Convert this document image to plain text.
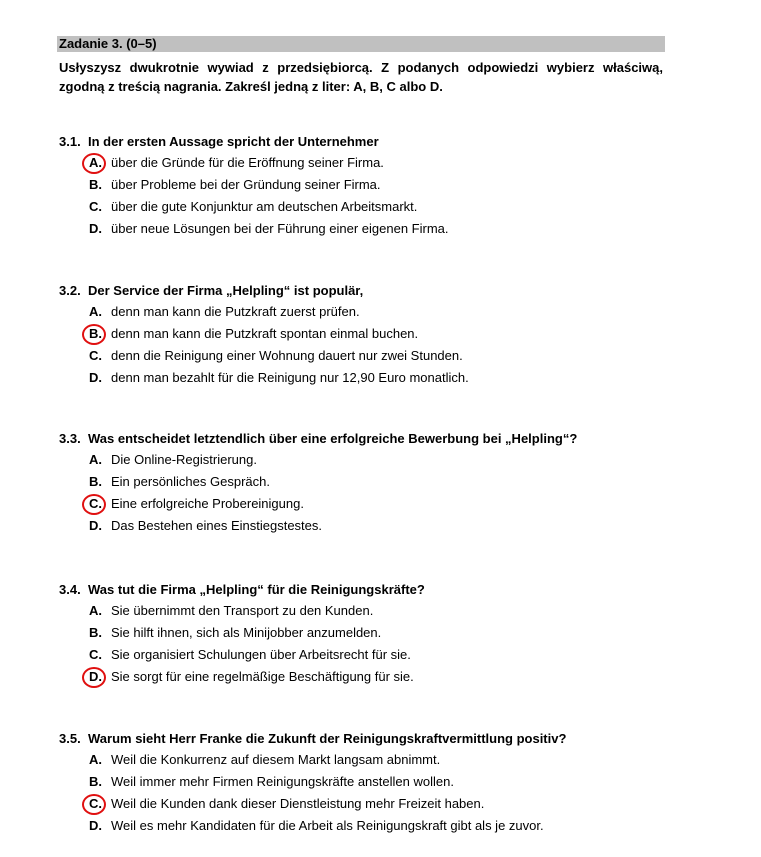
Zadanie 3. (0–5)
Usłyszysz dwukrotnie wywiad z przedsiębiorcą. Z podanych odpowiedzi wybierz właściwą, zgodną z treścią nagrania. Zakreśl jedną z liter: A, B, C albo D.
3.1. In der ersten Aussage spricht der Unternehmer
A. über die Gründe für die Eröffnung seiner Firma.
B. über Probleme bei der Gründung seiner Firma.
C. über die gute Konjunktur am deutschen Arbeitsmarkt.
D. über neue Lösungen bei der Führung einer eigenen Firma.
3.2. Der Service der Firma „Helpling“ ist populär,
A. denn man kann die Putzkraft zuerst prüfen.
B. denn man kann die Putzkraft spontan einmal buchen.
C. denn die Reinigung einer Wohnung dauert nur zwei Stunden.
D. denn man bezahlt für die Reinigung nur 12,90 Euro monatlich.
3.3. Was entscheidet letztendlich über eine erfolgreiche Bewerbung bei „Helpling“?
A. Die Online-Registrierung.
B. Ein persönliches Gespräch.
C. Eine erfolgreiche Probereinigung.
D. Das Bestehen eines Einstiegstestes.
3.4. Was tut die Firma „Helpling“ für die Reinigungskräfte?
A. Sie übernimmt den Transport zu den Kunden.
B. Sie hilft ihnen, sich als Minijobber anzumelden.
C. Sie organisiert Schulungen über Arbeitsrecht für sie.
D. Sie sorgt für eine regelmäßige Beschäftigung für sie.
3.5. Warum sieht Herr Franke die Zukunft der Reinigungskraftvermittlung positiv?
A. Weil die Konkurrenz auf diesem Markt langsam abnimmt.
B. Weil immer mehr Firmen Reinigungskräfte anstellen wollen.
C. Weil die Kunden dank dieser Dienstleistung mehr Freizeit haben.
D. Weil es mehr Kandidaten für die Arbeit als Reinigungskraft gibt als je zuvor.
